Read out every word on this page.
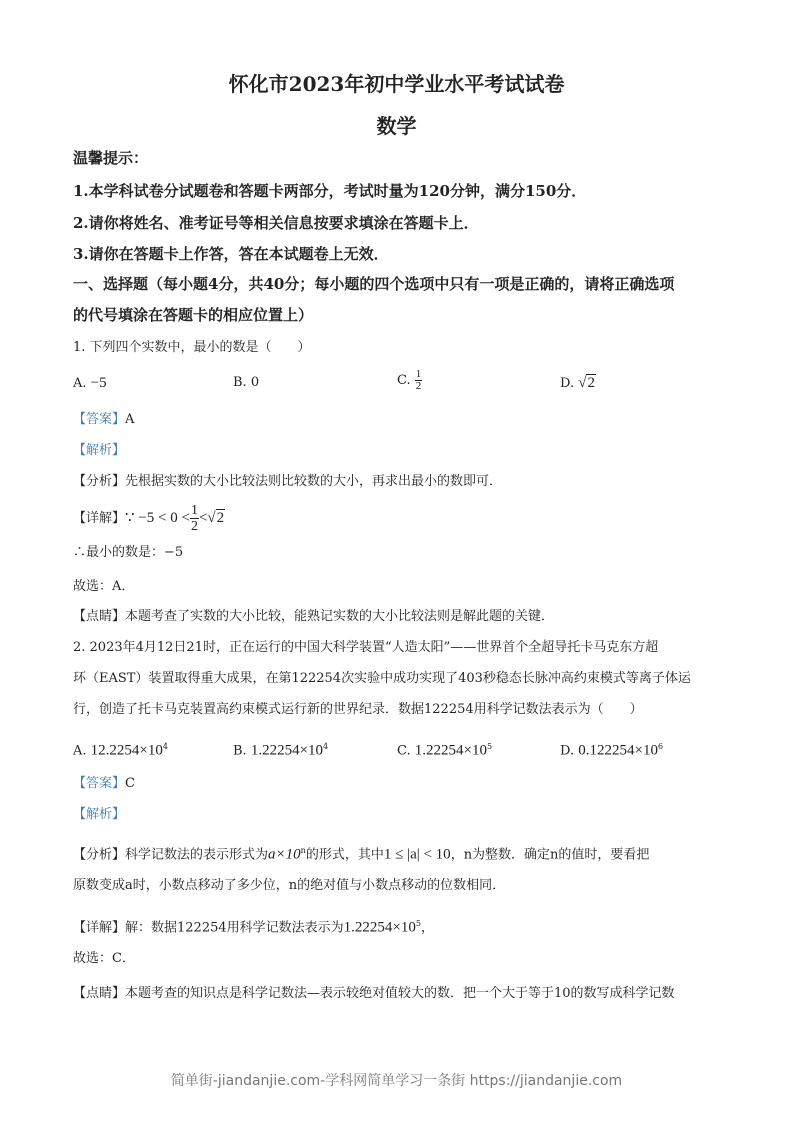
怀化市2023年初中学业水平考试试卷
数学
温馨提示：
1.本学科试卷分试题卷和答题卡两部分，考试时量为120分钟，满分150分．
2.请你将姓名、准考证号等相关信息按要求填涂在答题卡上．
3.请你在答题卡上作答，答在本试题卷上无效．
一、选择题（每小题4分，共40分；每小题的四个选项中只有一项是正确的，请将正确选项
的代号填涂在答题卡的相应位置上）
1. 下列四个实数中，最小的数是（　　）
A. −5	B. 0	C. $\frac{1}{2}$	D. √2
【答案】A
【解析】
【分析】先根据实数的大小比较法则比较数的大小，再求出最小的数即可．
【详解】∵ $-5 < 0 < \frac{1}{2} <√2$
∴最小的数是：−5
故选：A．
【点睛】本题考查了实数的大小比较，能熟记实数的大小比较法则是解此题的关键．
2. 2023年4月12日21时，正在运行的中国大科学装置“人造太阳”——世界首个全超导托卡马克东方超
环（EAST）装置取得重大成果，在第122254次实验中成功实现了403秒稳态长脉冲高约束模式等离子体运
行，创造了托卡马克装置高约束模式运行新的世界纪录．数据122254用科学记数法表示为（　　）
A. $12.2254\times 10^4$	B. $1.22254\times 10^4$	C. $1.22254\times 10^5$	D. $0.122254\times 10^6$
【答案】C
【解析】
【分析】科学记数法的表示形式为$a\times 10^n$的形式，其中1 ≤ |a| < 10，n为整数．确定n的值时，要看把
原数变成a时，小数点移动了多少位，n的绝对值与小数点移动的位数相同．
【详解】解：数据122254用科学记数法表示为$1.22254\times 10^5$，
故选：C．
【点睛】本题考查的知识点是科学记数法—表示较绝对值较大的数．把一个大于等于10的数写成科学记数
简单街-jiandanjie.com-学科网简单学习一条街 https://jiandanjie.com
